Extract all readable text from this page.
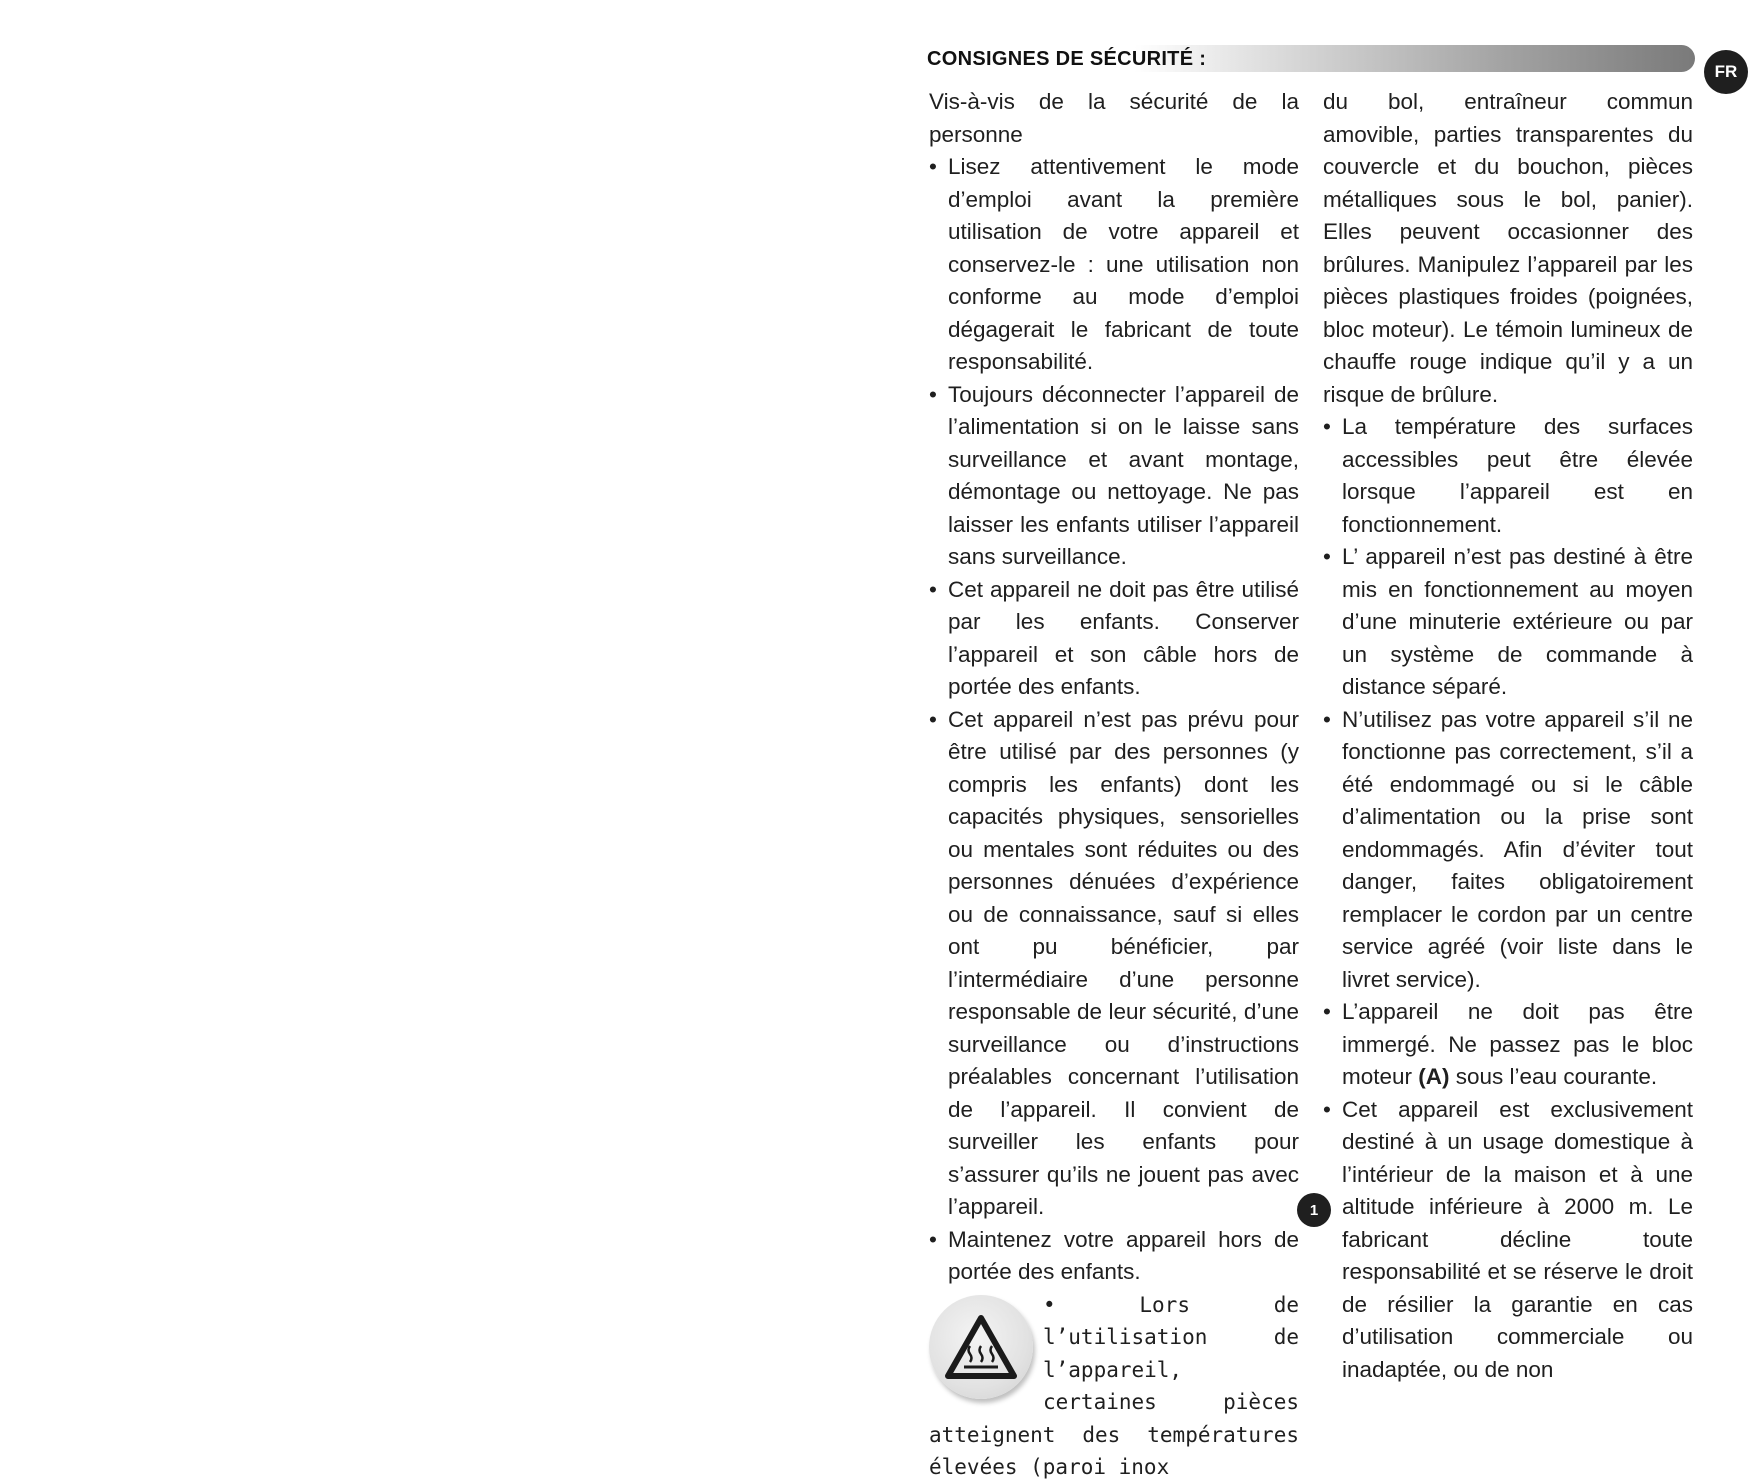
CONSIGNES DE SÉCURITÉ :
FR

Vis-à-vis de la sécurité de la personne

• Lisez attentivement le mode d’emploi avant la première utilisation de votre appareil et conservez-le : une utilisation non conforme au mode d’emploi dégagerait le fabricant de toute responsabilité.

• Toujours déconnecter l’appareil de l’alimentation si on le laisse sans surveillance et avant montage, démontage ou nettoyage. Ne pas laisser les enfants utiliser l’appareil sans surveillance.

• Cet appareil ne doit pas être utilisé par les enfants. Conserver l’appareil et son câble hors de portée des enfants.

• Cet appareil n’est pas prévu pour être utilisé par des personnes (y compris les enfants) dont les capacités physiques, sensorielles ou mentales sont réduites ou des personnes dénuées d’expérience ou de connaissance, sauf si elles ont pu bénéficier, par l’intermédiaire d’une personne responsable de leur sécurité, d’une surveillance ou d’instructions préalables concernant l’utilisation de l’appareil. Il convient de surveiller les enfants pour s’assurer qu’ils ne jouent pas avec l’appareil.

• Maintenez votre appareil hors de portée des enfants.

• Lors de l’utilisation de l’appareil, certaines pièces atteignent des températures élevées (paroi inox

du bol, entraîneur commun amovible, parties transparentes du couvercle et du bouchon, pièces métalliques sous le bol, panier). Elles peuvent occasionner des brûlures. Manipulez l’appareil par les pièces plastiques froides (poignées, bloc moteur). Le témoin lumineux de chauffe rouge indique qu’il y a un risque de brûlure.

• La température des surfaces accessibles peut être élevée lorsque l’appareil est en fonctionnement.

• L’ appareil n’est pas destiné à être mis en fonctionnement au moyen d’une minuterie extérieure ou par un système de commande à distance séparé.

• N’utilisez pas votre appareil s’il ne fonctionne pas correctement, s’il a été endommagé ou si le câble d’alimentation ou la prise sont endommagés. Afin d’éviter tout danger, faites obligatoirement remplacer le cordon par un centre service agréé (voir liste dans le livret service).

• L’appareil ne doit pas être immergé. Ne passez pas le bloc moteur (A) sous l’eau courante.

• Cet appareil est exclusivement destiné à un usage domestique à l’intérieur de la maison et à une altitude inférieure à 2000 m. Le fabricant décline toute responsabilité et se réserve le droit de résilier la garantie en cas d’utilisation commerciale ou inadaptée, ou de non

1
